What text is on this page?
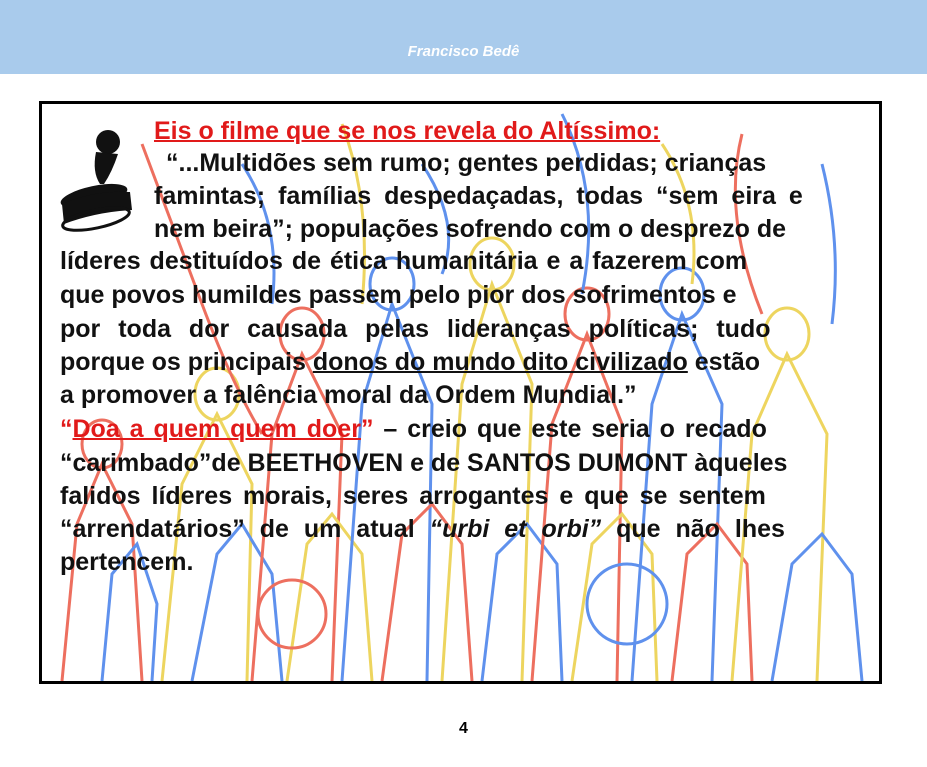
Francisco Bedê

Eis o filme que se nos revela do Altíssimo:

“...Multidões sem rumo; gentes perdidas; crianças

famintas; famílias despedaçadas, todas “sem eira e

nem beira”; populações sofrendo com o desprezo de

líderes destituídos de ética humanitária e a fazerem com

que povos humildes passem pelo pior dos sofrimentos e

por toda dor causada pelas lideranças políticas; tudo

porque os principais donos do mundo dito civilizado estão

a promover a falência moral da Ordem Mundial.”

“Doa a quem quem doer” – creio que este seria o recado

“carimbado”de BEETHOVEN e de SANTOS DUMONT àqueles

falidos líderes morais, seres arrogantes e que se sentem

“arrendatários” de um atual “urbi et orbi” que não lhes

pertencem.

4
